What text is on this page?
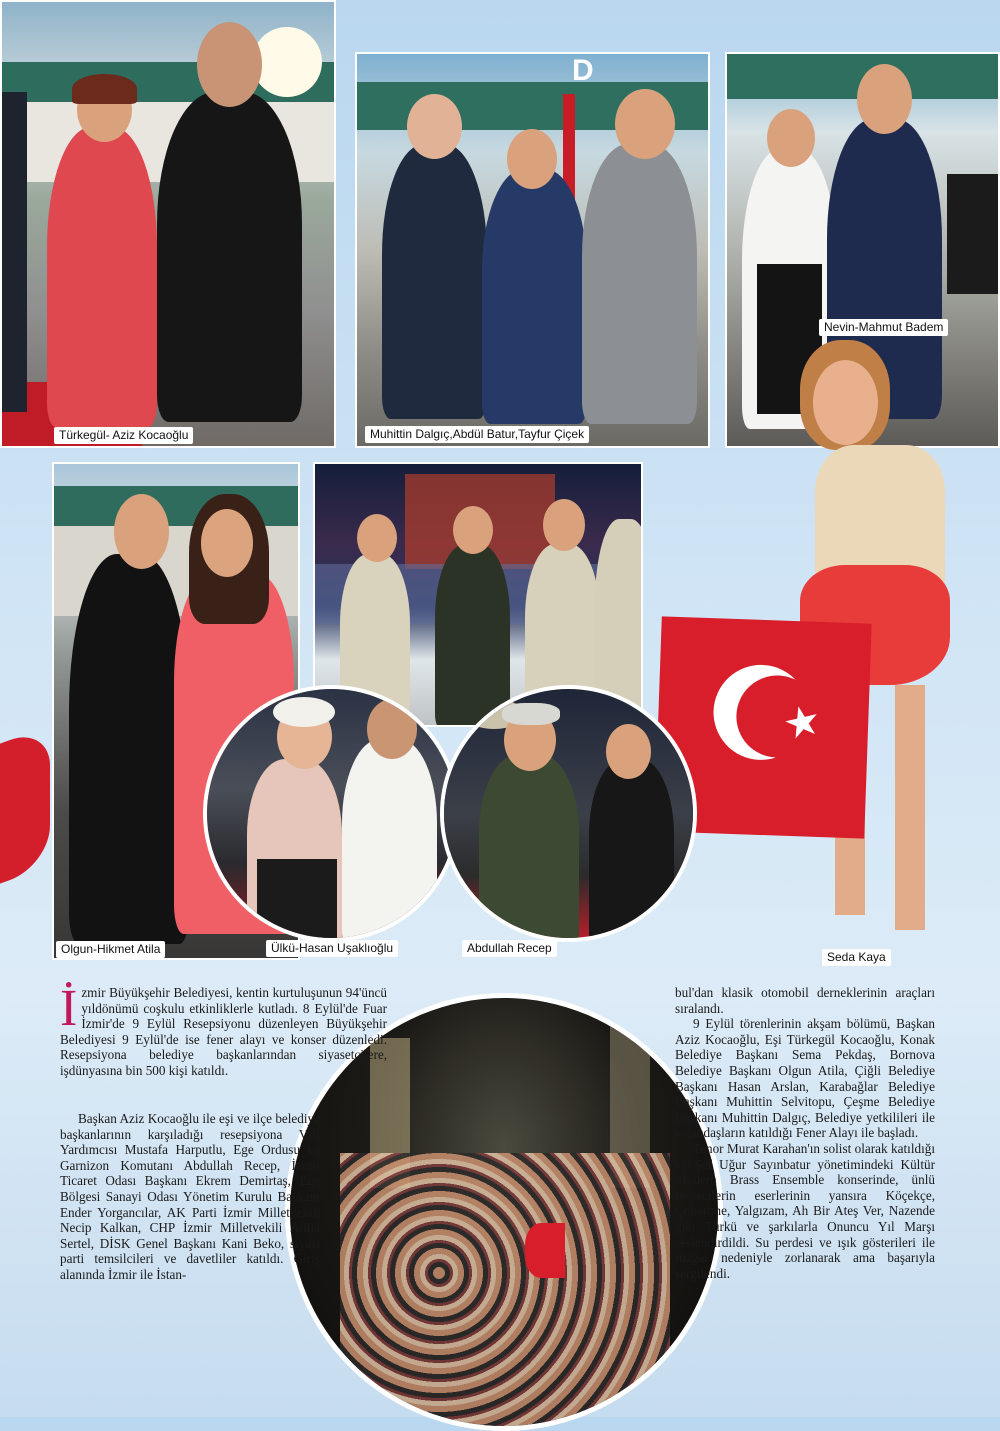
Türkegül- Aziz Kocaoğlu
D
Muhittin Dalgıç,Abdül Batur,Tayfur Çiçek
Nevin-Mahmut Badem
★
Seda Kaya
Olgun-Hikmet Atila	Ülkü-Hasan Uşaklıoğlu	Abdullah Recep

İzmir Büyükşehir Belediyesi, kentin kurtuluşunun 94'üncü yıldönümü coşkulu etkinliklerle kutladı. 8 Eylül'de Fuar İzmir'de 9 Eylül Resepsiyonu düzenleyen Büyükşehir Belediyesi 9 Eylül'de ise fener alayı ve konser düzenledi. Resepsiyona belediye başkanlarından siyasetçilere, işdünyasına bin 500 kişi katıldı.

Başkan Aziz Kocaoğlu ile eşi ve ilçe belediye başkanlarının karşıladığı resepsiyona Vali Yardımcısı Mustafa Harputlu, Ege Ordusu ve Garnizon Komutanı Abdullah Recep, İzmir Ticaret Odası Başkanı Ekrem Demirtaş, Ege Bölgesi Sanayi Odası Yönetim Kurulu Başkanı Ender Yorgancılar, AK Parti İzmir Milletvekili Necip Kalkan, CHP İzmir Milletvekili Atilla Sertel, DİSK Genel Başkanı Kani Beko, siyasi parti temsilcileri ve davetliler katıldı. Giriş alanında İzmir ile İstan-

bul'dan klasik otomobil derneklerinin araçları sıralandı.

9 Eylül törenlerinin akşam bölümü, Başkan Aziz Kocaoğlu, Eşi Türkegül Kocaoğlu, Konak Belediye Başkanı Sema Pekdaş, Bornova Belediye Başkanı Olgun Atila, Çiğli Belediye Başkanı Hasan Arslan, Karabağlar Belediye Başkanı Muhittin Selvitopu, Çeşme Belediye Başkanı Muhittin Dalgıç, Belediye yetkilileri ile vatandaşların katıldığı Fener Alayı ile başladı.

Tenor Murat Karahan'ın solist olarak katıldığı ve Şef Uğur Sayınbatur yönetimindeki Kültür Modern Brass Ensemble konserinde, ünlü bestecilerin eserlerinin yansıra Köçekçe, Çökertme, Yalgızam, Ah Bir Ateş Ver, Nazende gibi Türkü ve şarkılarla Onuncu Yıl Marşı seslendirdildi. Su perdesi ve ışık gösterileri ile rüzgar nedeniyle zorlanarak ama başarıyla sergilendi.
